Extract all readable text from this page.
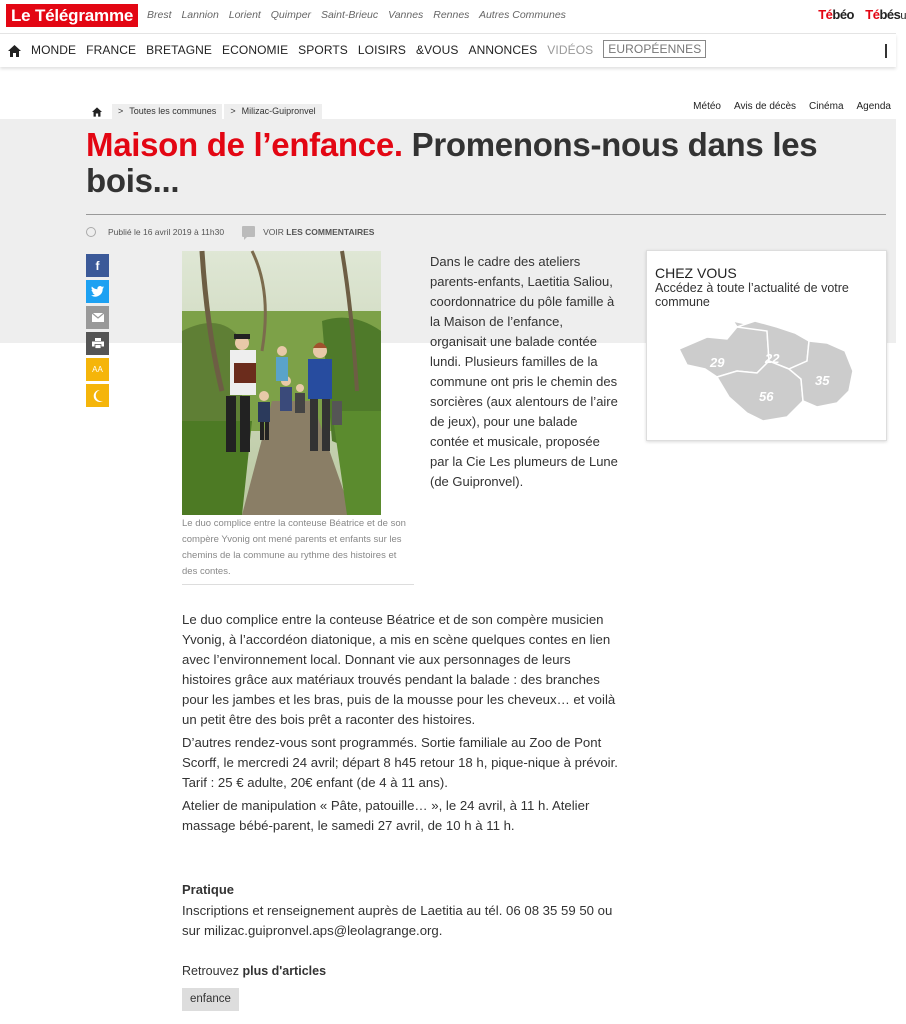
Le Télégramme	Brest Lannion Lorient Quimper Saint-Brieuc Vannes Rennes Autres Communes	Tébéo Tébésu
MONDE FRANCE BRETAGNE ECONOMIE SPORTS LOISIRS &VOUS ANNONCES VIDÉOS	EUROPÉENNES
> Toutes les communes	> Milizac-Guipronvel	Météo Avis de décès Cinéma Agenda
Maison de l’enfance. Promenons-nous dans les bois...
Publié le 16 avril 2019 à 11h30	VOIR LES COMMENTAIRES
f
AA

Le duo complice entre la conteuse Béatrice et de son compère Yvonig ont mené parents et enfants sur les chemins de la commune au rythme des histoires et des contes.

Dans le cadre des ateliers parents-enfants, Laetitia Saliou, coordonnatrice du pôle famille à la Maison de l’enfance, organisait une balade contée lundi. Plusieurs familles de la commune ont pris le chemin des sorcières (aux alentours de l’aire de jeux), pour une balade contée et musicale, proposée par la Cie Les plumeurs de Lune (de Guipronvel).

CHEZ VOUS

Accédez à toute l’actualité de votre commune

29	22
56
35

Le duo complice entre la conteuse Béatrice et de son compère musicien Yvonig, à l’accordéon diatonique, a mis en scène quelques contes en lien avec l’environnement local. Donnant vie aux personnages de leurs histoires grâce aux matériaux trouvés pendant la balade : des branches pour les jambes et les bras, puis de la mousse pour les cheveux… et voilà un petit être des bois prêt a raconter des histoires.

D’autres rendez-vous sont programmés. Sortie familiale au Zoo de Pont Scorff, le mercredi 24 avril; départ 8 h45 retour 18 h, pique-nique à prévoir. Tarif : 25 € adulte, 20€ enfant (de 4 à 11 ans).

Atelier de manipulation « Pâte, patouille… », le 24 avril, à 11 h. Atelier massage bébé-parent, le samedi 27 avril, de 10 h à 11 h.

Pratique

Inscriptions et renseignement auprès de Laetitia au tél. 06 08 35 59 50 ou sur milizac.guipronvel.aps@leolagrange.org.

Retrouvez plus d'articles
enfance
